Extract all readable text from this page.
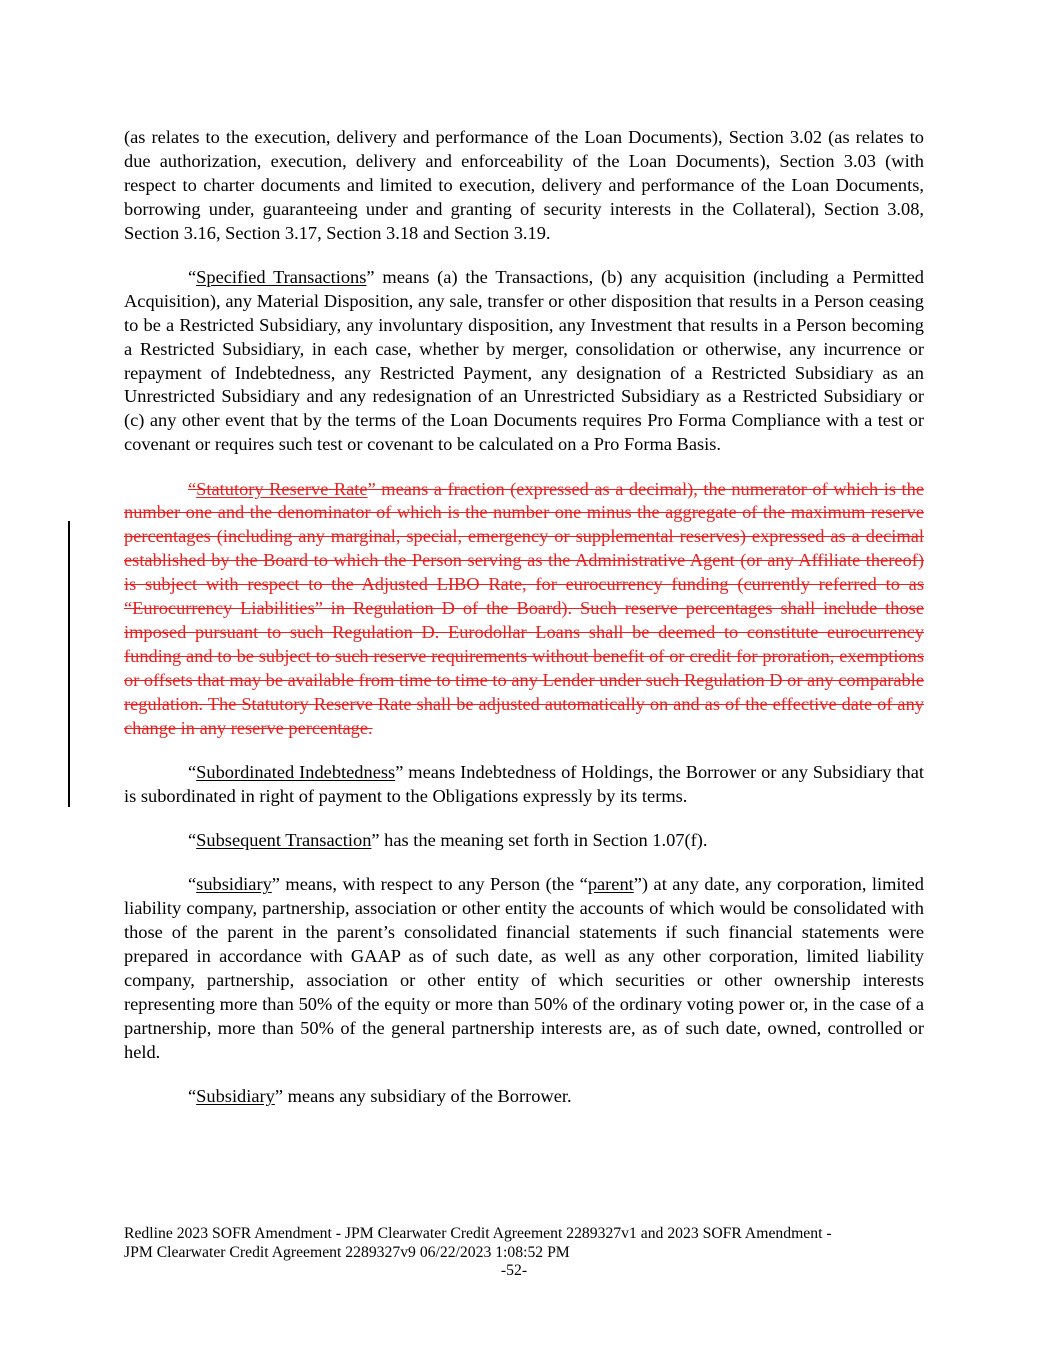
(as relates to the execution, delivery and performance of the Loan Documents), Section 3.02 (as relates to due authorization, execution, delivery and enforceability of the Loan Documents), Section 3.03 (with respect to charter documents and limited to execution, delivery and performance of the Loan Documents, borrowing under, guaranteeing under and granting of security interests in the Collateral), Section 3.08, Section 3.16, Section 3.17, Section 3.18 and Section 3.19.

“Specified Transactions” means (a) the Transactions, (b) any acquisition (including a Permitted Acquisition), any Material Disposition, any sale, transfer or other disposition that results in a Person ceasing to be a Restricted Subsidiary, any involuntary disposition, any Investment that results in a Person becoming a Restricted Subsidiary, in each case, whether by merger, consolidation or otherwise, any incurrence or repayment of Indebtedness, any Restricted Payment, any designation of a Restricted Subsidiary as an Unrestricted Subsidiary and any redesignation of an Unrestricted Subsidiary as a Restricted Subsidiary or (c) any other event that by the terms of the Loan Documents requires Pro Forma Compliance with a test or covenant or requires such test or covenant to be calculated on a Pro Forma Basis.

“Statutory Reserve Rate” means a fraction (expressed as a decimal), the numerator of which is the number one and the denominator of which is the number one minus the aggregate of the maximum reserve percentages (including any marginal, special, emergency or supplemental reserves) expressed as a decimal established by the Board to which the Person serving as the Administrative Agent (or any Affiliate thereof) is subject with respect to the Adjusted LIBO Rate, for eurocurrency funding (currently referred to as “Eurocurrency Liabilities” in Regulation D of the Board). Such reserve percentages shall include those imposed pursuant to such Regulation D. Eurodollar Loans shall be deemed to constitute eurocurrency funding and to be subject to such reserve requirements without benefit of or credit for proration, exemptions or offsets that may be available from time to time to any Lender under such Regulation D or any comparable regulation. The Statutory Reserve Rate shall be adjusted automatically on and as of the effective date of any change in any reserve percentage.

“Subordinated Indebtedness” means Indebtedness of Holdings, the Borrower or any Subsidiary that is subordinated in right of payment to the Obligations expressly by its terms.

“Subsequent Transaction” has the meaning set forth in Section 1.07(f).

“subsidiary” means, with respect to any Person (the “parent”) at any date, any corporation, limited liability company, partnership, association or other entity the accounts of which would be consolidated with those of the parent in the parent’s consolidated financial statements if such financial statements were prepared in accordance with GAAP as of such date, as well as any other corporation, limited liability company, partnership, association or other entity of which securities or other ownership interests representing more than 50% of the equity or more than 50% of the ordinary voting power or, in the case of a partnership, more than 50% of the general partnership interests are, as of such date, owned, controlled or held.

“Subsidiary” means any subsidiary of the Borrower.

Redline 2023 SOFR Amendment - JPM Clearwater Credit Agreement 2289327v1 and 2023 SOFR Amendment -
JPM Clearwater Credit Agreement 2289327v9 06/22/2023 1:08:52 PM
-52-
